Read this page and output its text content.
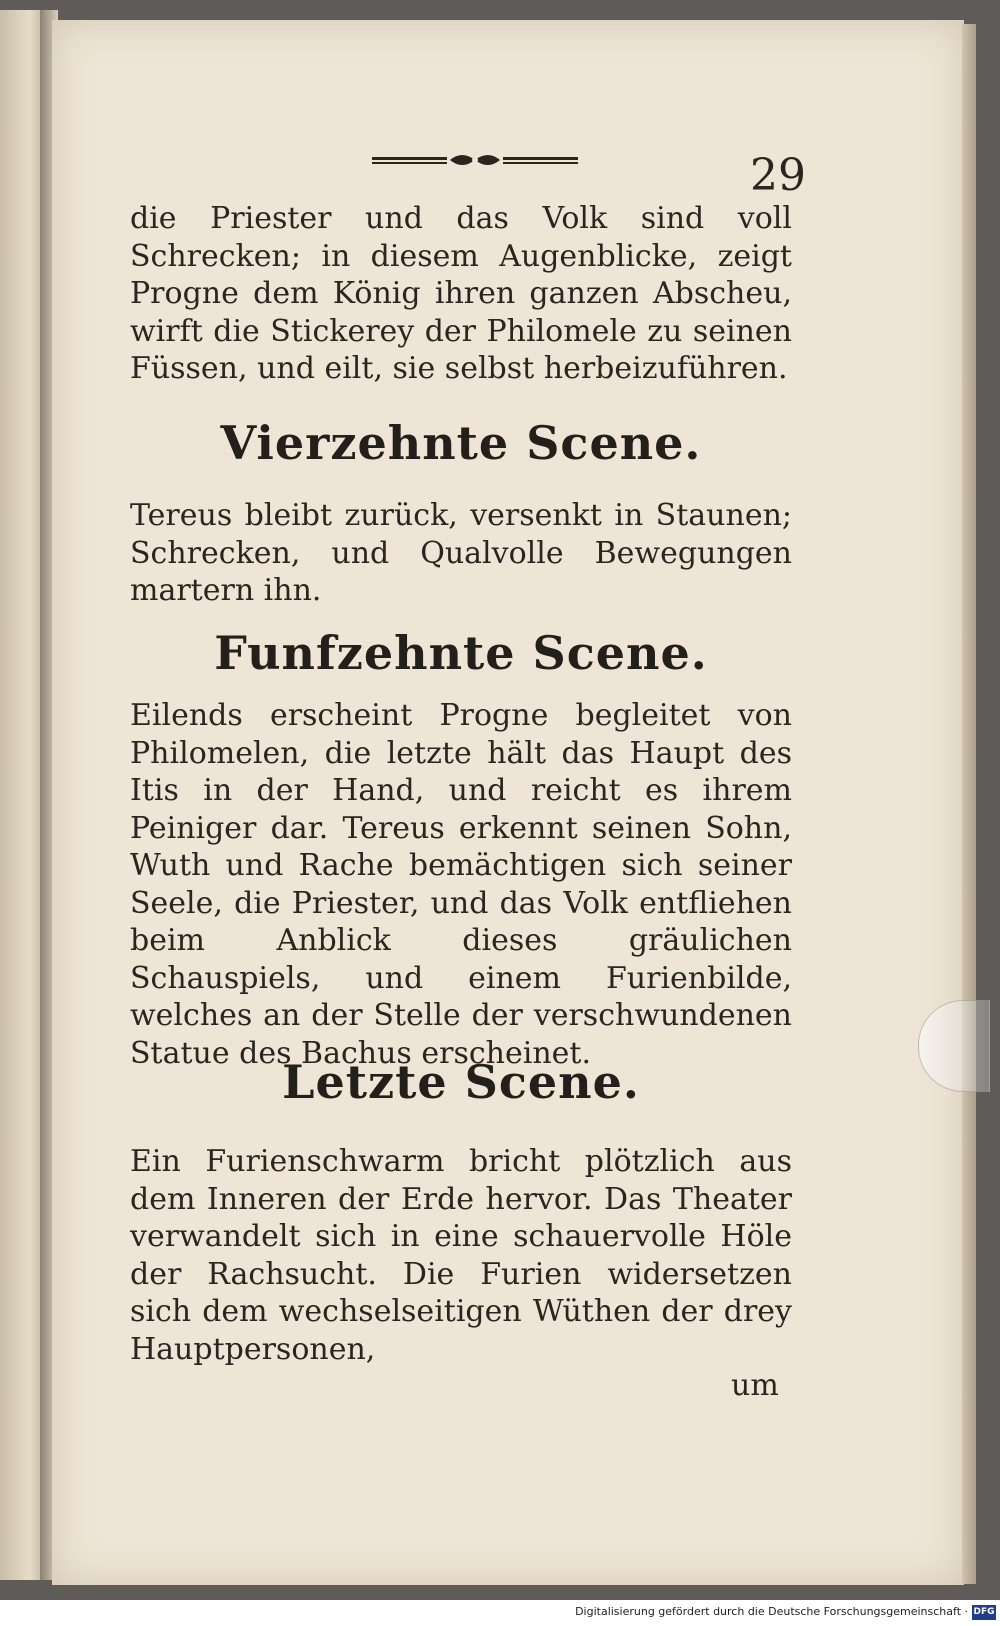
29
die Priester und das Volk sind voll Schrecken; in diesem Augenblicke, zeigt Progne dem König ihren ganzen Abscheu, wirft die Stickerey der Philomele zu seinen Füssen, und eilt, sie selbst herbeizuführen.
Vierzehnte Scene.
Tereus bleibt zurück, versenkt in Staunen; Schrecken, und Qualvolle Bewegungen martern ihn.
Funfzehnte Scene.
Eilends erscheint Progne begleitet von Philomelen, die letzte hält das Haupt des Itis in der Hand, und reicht es ihrem Peiniger dar. Tereus erkennt seinen Sohn, Wuth und Rache bemächtigen sich seiner Seele, die Priester, und das Volk entfliehen beim Anblick dieses gräulichen Schauspiels, und einem Furienbilde, welches an der Stelle der verschwundenen Statue des Bachus erscheinet.
Letzte Scene.
Ein Furienschwarm bricht plötzlich aus dem Inneren der Erde hervor. Das Theater verwandelt sich in eine schauervolle Höle der Rachsucht. Die Furien widersetzen sich dem wechselseitigen Wüthen der drey Hauptpersonen,
um
Digitalisierung gefördert durch die Deutsche Forschungsgemeinschaft · DFG
